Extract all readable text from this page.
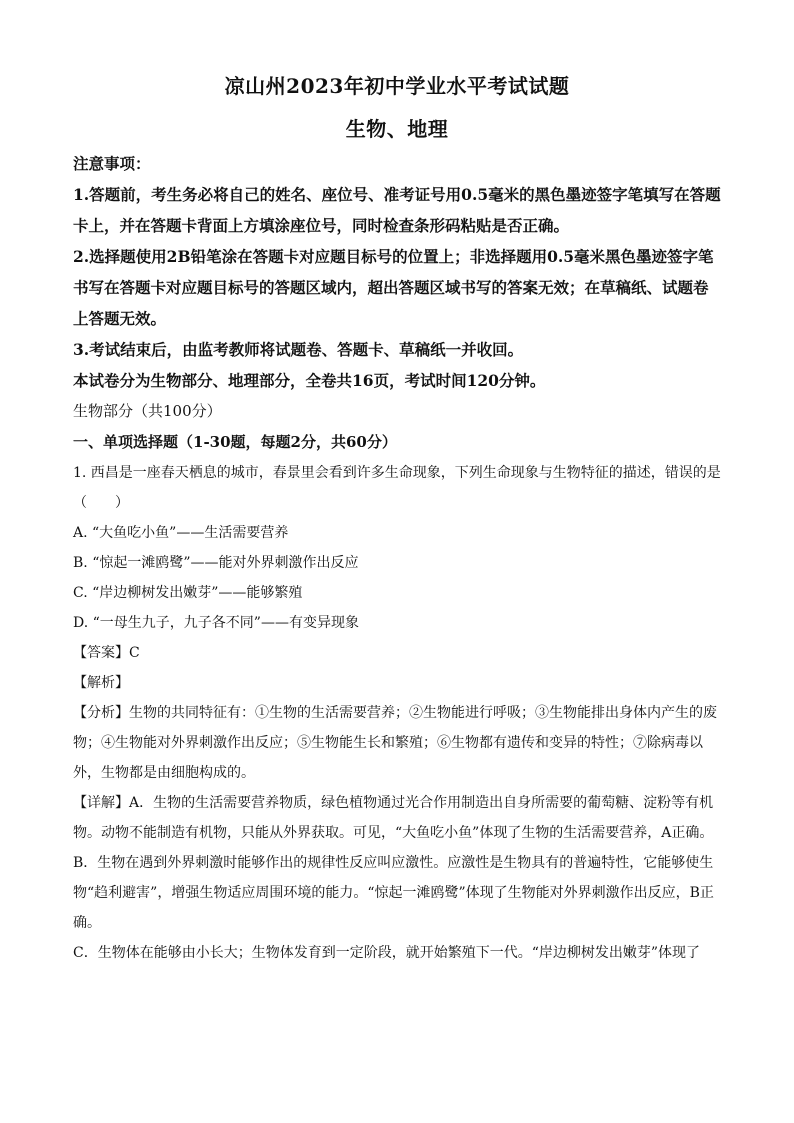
凉山州2023年初中学业水平考试试题
生物、地理

注意事项：

1.答题前，考生务必将自己的姓名、座位号、准考证号用0.5毫米的黑色墨迹签字笔填写在答题卡上，并在答题卡背面上方填涂座位号，同时检查条形码粘贴是否正确。

2.选择题使用2B铅笔涂在答题卡对应题目标号的位置上；非选择题用0.5毫米黑色墨迹签字笔书写在答题卡对应题目标号的答题区域内，超出答题区域书写的答案无效；在草稿纸、试题卷上答题无效。

3.考试结束后，由监考教师将试题卷、答题卡、草稿纸一并收回。

本试卷分为生物部分、地理部分，全卷共16页，考试时间120分钟。

生物部分（共100分）

一、单项选择题（1-30题，每题2分，共60分）

1. 西昌是一座春天栖息的城市，春景里会看到许多生命现象，下列生命现象与生物特征的描述，错误的是（　　）

A. “大鱼吃小鱼”——生活需要营养

B. “惊起一滩鸥鹭”——能对外界刺激作出反应

C. “岸边柳树发出嫩芽”——能够繁殖

D. “一母生九子，九子各不同”——有变异现象

【答案】C

【解析】

【分析】生物的共同特征有：①生物的生活需要营养；②生物能进行呼吸；③生物能排出身体内产生的废物；④生物能对外界刺激作出反应；⑤生物能生长和繁殖；⑥生物都有遗传和变异的特性；⑦除病毒以外，生物都是由细胞构成的。

【详解】A．生物的生活需要营养物质，绿色植物通过光合作用制造出自身所需要的葡萄糖、淀粉等有机物。动物不能制造有机物，只能从外界获取。可见，“大鱼吃小鱼”体现了生物的生活需要营养，A正确。

B．生物在遇到外界刺激时能够作出的规律性反应叫应激性。应激性是生物具有的普遍特性，它能够使生物“趋利避害”，增强生物适应周围环境的能力。“惊起一滩鸥鹭”体现了生物能对外界刺激作出反应，B正确。

C．生物体在能够由小长大；生物体发育到一定阶段，就开始繁殖下一代。“岸边柳树发出嫩芽”体现了
